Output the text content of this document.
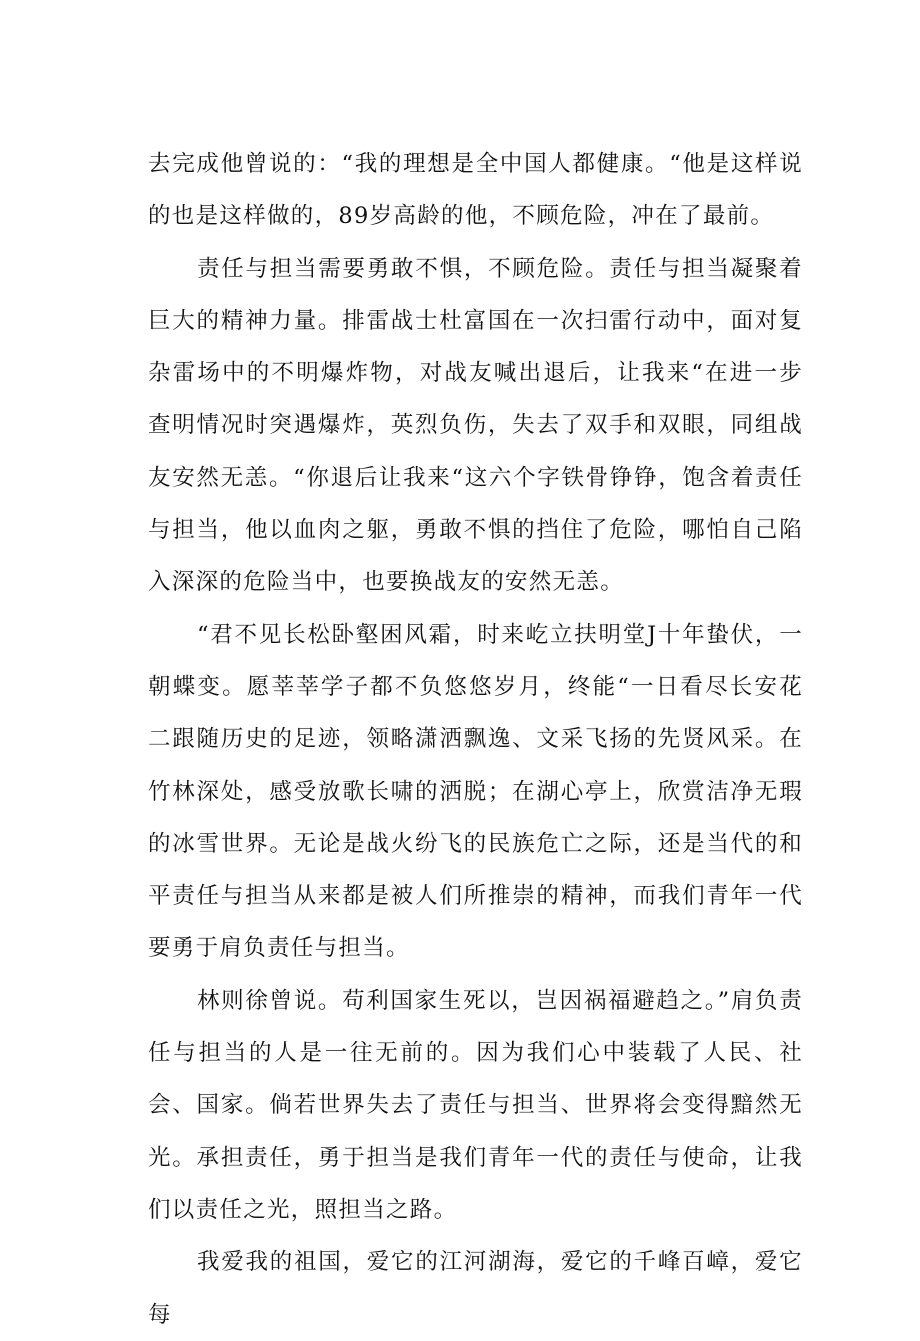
去完成他曾说的：“我的理想是全中国人都健康。“他是这样说的也是这样做的，89岁高龄的他，不顾危险，冲在了最前。

责任与担当需要勇敢不惧，不顾危险。责任与担当凝聚着巨大的精神力量。排雷战士杜富国在一次扫雷行动中，面对复杂雷场中的不明爆炸物，对战友喊出退后，让我来“在进一步查明情况时突遇爆炸，英烈负伤，失去了双手和双眼，同组战友安然无恙。“你退后让我来“这六个字铁骨铮铮，饱含着责任与担当，他以血肉之躯，勇敢不惧的挡住了危险，哪怕自己陷入深深的危险当中，也要换战友的安然无恙。

“君不见长松卧壑困风霜，时来屹立扶明堂J十年蛰伏，一朝蝶变。愿莘莘学子都不负悠悠岁月，终能“一日看尽长安花二跟随历史的足迹，领略潇洒飘逸、文采飞扬的先贤风采。在竹林深处，感受放歌长啸的洒脱；在湖心亭上，欣赏洁净无瑕的冰雪世界。无论是战火纷飞的民族危亡之际，还是当代的和平责任与担当从来都是被人们所推崇的精神，而我们青年一代要勇于肩负责任与担当。

林则徐曾说。苟利国家生死以，岂因祸福避趋之。”肩负责任与担当的人是一往无前的。因为我们心中装载了人民、社会、国家。倘若世界失去了责任与担当、世界将会变得黯然无光。承担责任，勇于担当是我们青年一代的责任与使命，让我们以责任之光，照担当之路。

我爱我的祖国，爱它的江河湖海，爱它的千峰百嶂，爱它每
